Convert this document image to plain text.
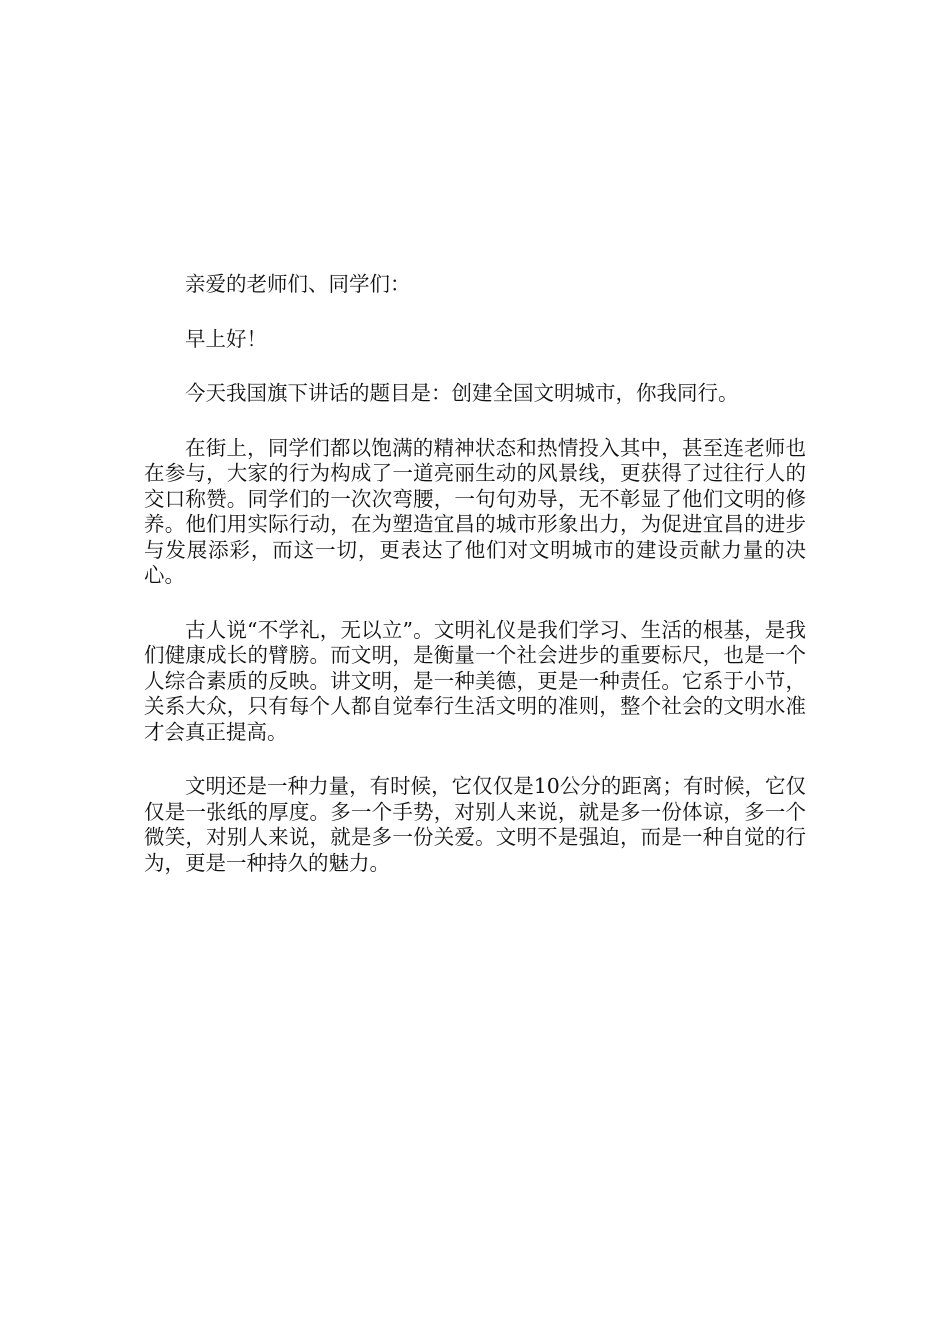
亲爱的老师们、同学们：

早上好！

今天我国旗下讲话的题目是：创建全国文明城市，你我同行。

在街上，同学们都以饱满的精神状态和热情投入其中，甚至连老师也在参与，大家的行为构成了一道亮丽生动的风景线，更获得了过往行人的交口称赞。同学们的一次次弯腰，一句句劝导，无不彰显了他们文明的修养。他们用实际行动，在为塑造宜昌的城市形象出力，为促进宜昌的进步与发展添彩，而这一切，更表达了他们对文明城市的建设贡献力量的决心。

古人说“不学礼，无以立”。文明礼仪是我们学习、生活的根基，是我们健康成长的臂膀。而文明，是衡量一个社会进步的重要标尺，也是一个人综合素质的反映。讲文明，是一种美德，更是一种责任。它系于小节，关系大众，只有每个人都自觉奉行生活文明的准则，整个社会的文明水准才会真正提高。

文明还是一种力量，有时候，它仅仅是10公分的距离；有时候，它仅仅是一张纸的厚度。多一个手势，对别人来说，就是多一份体谅，多一个微笑，对别人来说，就是多一份关爱。文明不是强迫，而是一种自觉的行为，更是一种持久的魅力。
